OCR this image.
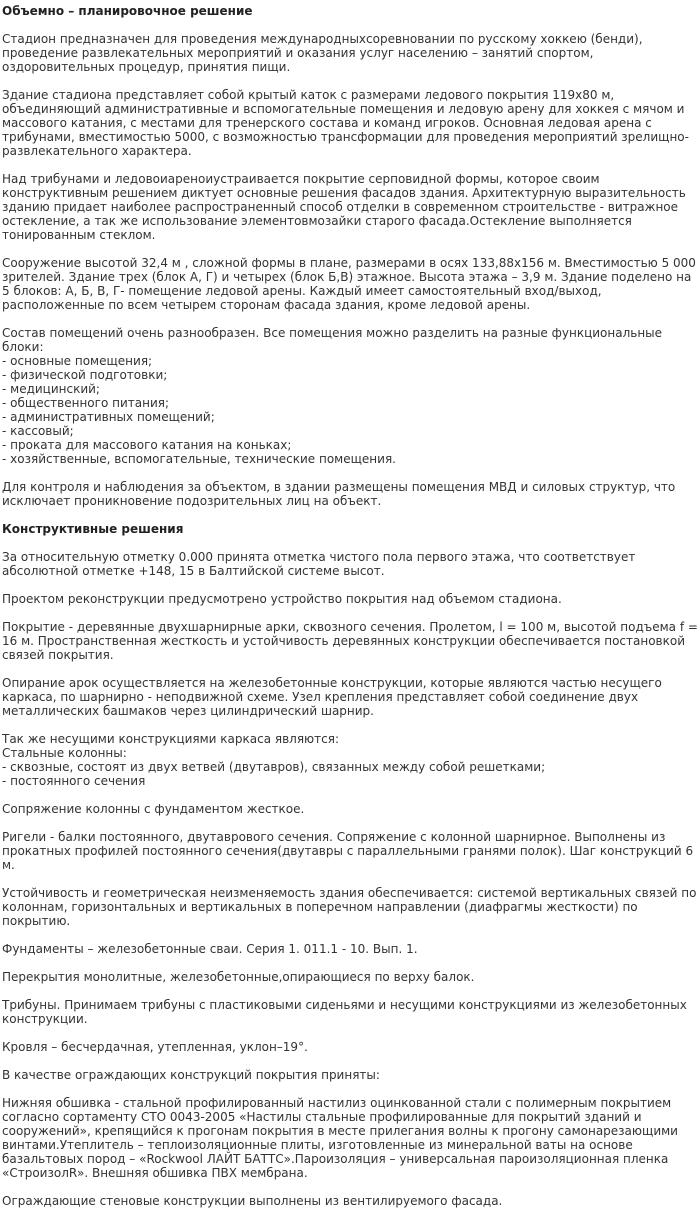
Объемно – планировочное решение

Стадион предназначен для проведения международныхсоревновании по русскому хоккею (бенди), проведение развлекательных мероприятий и оказания услуг населению – занятий спортом, оздоровительных процедур, принятия пищи.

Здание стадиона представляет собой крытый каток с размерами ледового покрытия 119х80 м, объединяющий административные и вспомогательные помещения и ледовую арену для хоккея с мячом и массового катания, с местами для тренерского состава и команд игроков. Основная ледовая арена с трибунами, вместимостью 5000, с возможностью трансформации для проведения мероприятий зрелищно-развлекательного характера.

Над трибунами и ледовоиареноиустраивается покрытие серповидной формы, которое своим конструктивным решением диктует основные решения фасадов здания. Архитектурную выразительность зданию придает наиболее распространенный способ отделки в современном строительстве - витражное остекление, а так же использование элементовмозайки старого фасада.Остекление выполняется тонированным стеклом.

Сооружение высотой 32,4 м , сложной формы в плане, размерами в осях 133,88х156 м. Вместимостью 5 000 зрителей. Здание трех (блок А, Г) и четырех (блок Б,В) этажное. Высота этажа – 3,9 м. Здание поделено на 5 блоков: А, Б, В, Г- помещение ледовой арены. Каждый имеет самостоятельный вход/выход, расположенные по всем четырем сторонам фасада здания, кроме ледовой арены.

Состав помещений очень разнообразен. Все помещения можно разделить на разные функциональные блоки:
- основные помещения;
- физической подготовки;
- медицинский;
- общественного питания;
- административных помещений;
- кассовый;
- проката для массового катания на коньках;
- хозяйственные, вспомогательные, технические помещения.

Для контроля и наблюдения за объектом, в здании размещены помещения МВД и силовых структур, что исключает проникновение подозрительных лиц на объект.

Конструктивные решения

За относительную отметку 0.000 принята отметка чистого пола первого этажа, что соответствует абсолютной отметке +148, 15 в Балтийской системе высот.

Проектом реконструкции предусмотрено устройство покрытия над объемом стадиона.

Покрытие - деревянные двухшарнирные арки, сквозного сечения. Пролетом, l = 100 м, высотой подъема f = 16 м. Пространственная жесткость и устойчивость деревянных конструкции обеспечивается постановкой связей покрытия.

Опирание арок осуществляется на железобетонные конструкции, которые являются частью несущего каркаса, по шарнирно - неподвижной схеме. Узел крепления представляет собой соединение двух металлических башмаков через цилиндрический шарнир.

Так же несущими конструкциями каркаса являются:
Стальные колонны:
- сквозные, состоят из двух ветвей (двутавров), связанных между собой решетками;
- постоянного сечения

Сопряжение колонны с фундаментом жесткое.

Ригели - балки постоянного, двутаврового сечения. Сопряжение с колонной шарнирное. Выполнены из прокатных профилей постоянного сечения(двутавры с параллельными гранями полок). Шаг конструкций 6 м.

Устойчивость и геометрическая неизменяемость здания обеспечивается: системой вертикальных связей по колоннам, горизонтальных и вертикальных в поперечном направлении (диафрагмы жесткости) по покрытию.

Фундаменты – железобетонные сваи. Серия 1. 011.1 - 10. Вып. 1.

Перекрытия монолитные, железобетонные,опирающиеся по верху балок.

Трибуны. Принимаем трибуны с пластиковыми сиденьями и несущими конструкциями из железобетонных конструкции.

Кровля – бесчердачная, утепленная, уклон–19°.

В качестве ограждающих конструкций покрытия приняты:

Нижняя обшивка - стальной профилированный настилиз оцинкованной стали с полимерным покрытием согласно сортаменту СТО 0043-2005 «Настилы стальные профилированные для покрытий зданий и сооружений», крепящийся к прогонам покрытия в месте прилегания волны к прогону самонарезающими винтами.Утеплитель – теплоизоляционные плиты, изготовленные из минеральной ваты на основе базальтовых пород – «Rockwool ЛАЙТ БАТТС».Пароизоляция – универсальная пароизоляционная пленка «СтроизолR». Внешняя обшивка ПВХ мембрана.

Ограждающие стеновые конструкции выполнены из вентилируемого фасада.
